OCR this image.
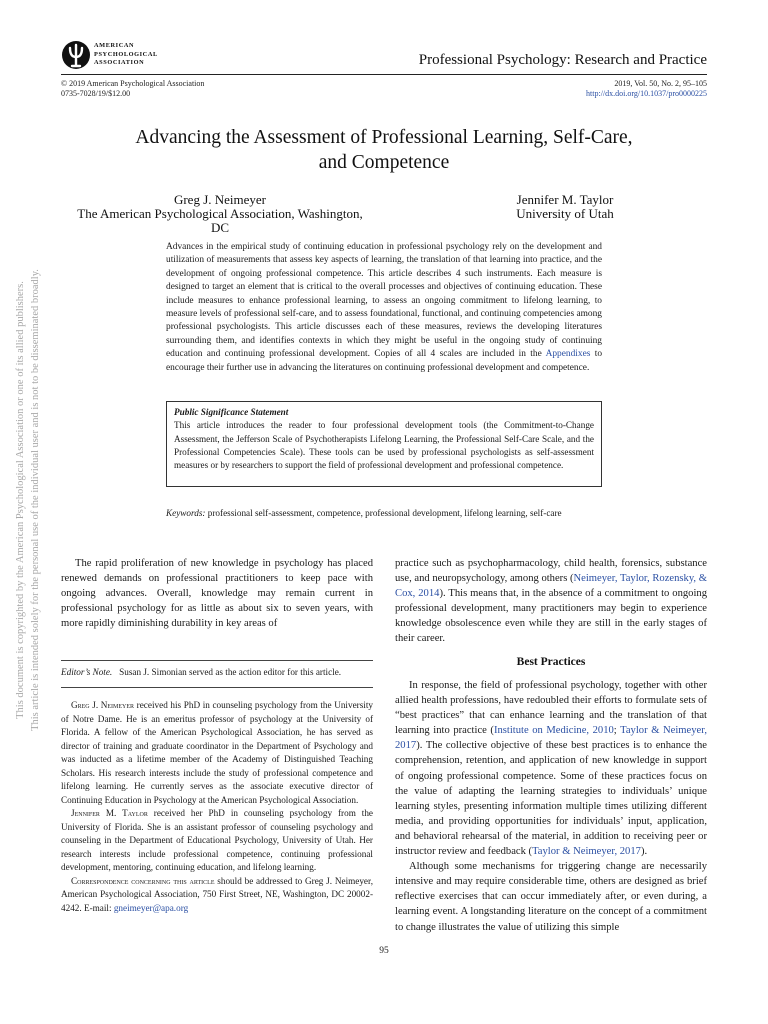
AMERICAN
PSYCHOLOGICAL
ASSOCIATION	Professional Psychology: Research and Practice
© 2019 American Psychological Association
0735-7028/19/$12.00
2019, Vol. 50, No. 2, 95–105
http://dx.doi.org/10.1037/pro0000225
Advancing the Assessment of Professional Learning, Self-Care,
and Competence
Greg J. Neimeyer
The American Psychological Association, Washington, DC
Jennifer M. Taylor
University of Utah
Advances in the empirical study of continuing education in professional psychology rely on the development and utilization of measurements that assess key aspects of learning, the translation of that learning into practice, and the development of ongoing professional competence. This article describes 4 such instruments. Each measure is designed to target an element that is critical to the overall processes and objectives of continuing education. These include measures to enhance professional learning, to assess an ongoing commitment to lifelong learning, to measure levels of professional self-care, and to assess foundational, functional, and continuing competencies among professional psychologists. This article discusses each of these measures, reviews the developing literatures surrounding them, and identifies contexts in which they might be useful in the ongoing study of continuing education and continuing professional development. Copies of all 4 scales are included in the Appendixes to encourage their further use in advancing the literatures on continuing professional development and competence.
Public Significance Statement
This article introduces the reader to four professional development tools (the Commitment-to-Change Assessment, the Jefferson Scale of Psychotherapists Lifelong Learning, the Professional Self-Care Scale, and the Professional Competencies Scale). These tools can be used by professional psychologists as self-assessment measures or by researchers to support the field of professional development and professional competence.
Keywords: professional self-assessment, competence, professional development, lifelong learning, self-care
This document is copyrighted by the American Psychological Association or one of its allied publishers. This article is intended solely for the personal use of the individual user and is not to be disseminated broadly.	The rapid proliferation of new knowledge in psychology has placed renewed demands on professional practitioners to keep pace with ongoing advances. Overall, knowledge may remain current in professional psychology for as little as about six to seven years, with more rapidly diminishing durability in key areas of

Editor’s Note. Susan J. Simonian served as the action editor for this article.

Greg J. Neimeyer received his PhD in counseling psychology from the University of Notre Dame. He is an emeritus professor of psychology at the University of Florida. A fellow of the American Psychological Association, he has served as director of training and graduate coordinator in the Department of Psychology and was inducted as a lifetime member of the Academy of Distinguished Teaching Scholars. His research interests include the study of professional competence and lifelong learning. He currently serves as the associate executive director of Continuing Education in Psychology at the American Psychological Association.

Jennifer M. Taylor received her PhD in counseling psychology from the University of Florida. She is an assistant professor of counseling psychology and counseling in the Department of Educational Psychology, University of Utah. Her research interests include professional competence, continuing professional development, mentoring, continuing education, and lifelong learning.

Correspondence concerning this article should be addressed to Greg J. Neimeyer, American Psychological Association, 750 First Street, NE, Washington, DC 20002-4242. E-mail: gneimeyer@apa.org

practice such as psychopharmacology, child health, forensics, substance use, and neuropsychology, among others (Neimeyer, Taylor, Rozensky, & Cox, 2014). This means that, in the absence of a commitment to ongoing professional development, many practitioners may begin to experience knowledge obsolescence even while they are still in the early stages of their career.

Best Practices

In response, the field of professional psychology, together with other allied health professions, have redoubled their efforts to formulate sets of “best practices” that can enhance learning and the translation of that learning into practice (Institute on Medicine, 2010; Taylor & Neimeyer, 2017). The collective objective of these best practices is to enhance the comprehension, retention, and application of new knowledge in support of ongoing professional competence. Some of these practices focus on the value of adapting the learning strategies to individuals’ unique learning styles, presenting information multiple times utilizing different media, and providing opportunities for individuals’ input, application, and behavioral rehearsal of the material, in addition to receiving peer or instructor review and feedback (Taylor & Neimeyer, 2017).

Although some mechanisms for triggering change are necessarily intensive and may require considerable time, others are designed as brief reflective exercises that can occur immediately after, or even during, a learning event. A longstanding literature on the concept of a commitment to change illustrates the value of utilizing this simple

95
